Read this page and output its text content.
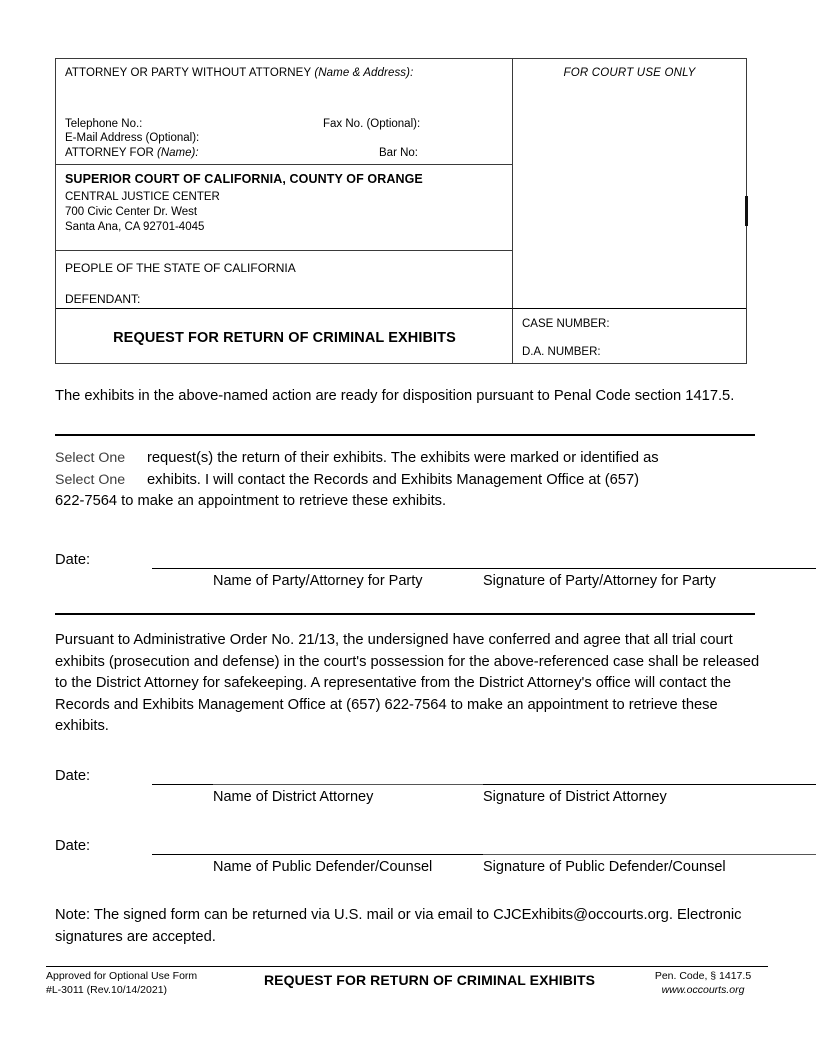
ATTORNEY OR PARTY WITHOUT ATTORNEY (Name & Address):
Telephone No.:	Fax No. (Optional):
E-Mail Address (Optional):
ATTORNEY FOR (Name):	Bar No:
FOR COURT USE ONLY
SUPERIOR COURT OF CALIFORNIA, COUNTY OF ORANGE
CENTRAL JUSTICE CENTER
700 Civic Center Dr. West
Santa Ana, CA 92701-4045
PEOPLE OF THE STATE OF CALIFORNIA
DEFENDANT:
REQUEST FOR RETURN OF CRIMINAL EXHIBITS
CASE NUMBER:
D.A. NUMBER:
The exhibits in the above-named action are ready for disposition pursuant to Penal Code section 1417.5.
Select One	request(s) the return of their exhibits. The exhibits were marked or identified as
Select One	exhibits. I will contact the Records and Exhibits Management Office at (657)
622-7564 to make an appointment to retrieve these exhibits.
Date:
Name of Party/Attorney for Party	Signature of Party/Attorney for Party
Pursuant to Administrative Order No. 21/13, the undersigned have conferred and agree that all trial court exhibits (prosecution and defense) in the court's possession for the above-referenced case shall be released to the District Attorney for safekeeping. A representative from the District Attorney's office will contact the Records and Exhibits Management Office at (657) 622-7564 to make an appointment to retrieve these exhibits.
Date:
Name of District Attorney	Signature of District Attorney
Date:
Name of Public Defender/Counsel	Signature of Public Defender/Counsel
Note: The signed form can be returned via U.S. mail or via email to CJCExhibits@occourts.org. Electronic signatures are accepted.
Approved for Optional Use Form
#L-3011 (Rev.10/14/2021)
REQUEST FOR RETURN OF CRIMINAL EXHIBITS	Pen. Code, § 1417.5
www.occourts.org
